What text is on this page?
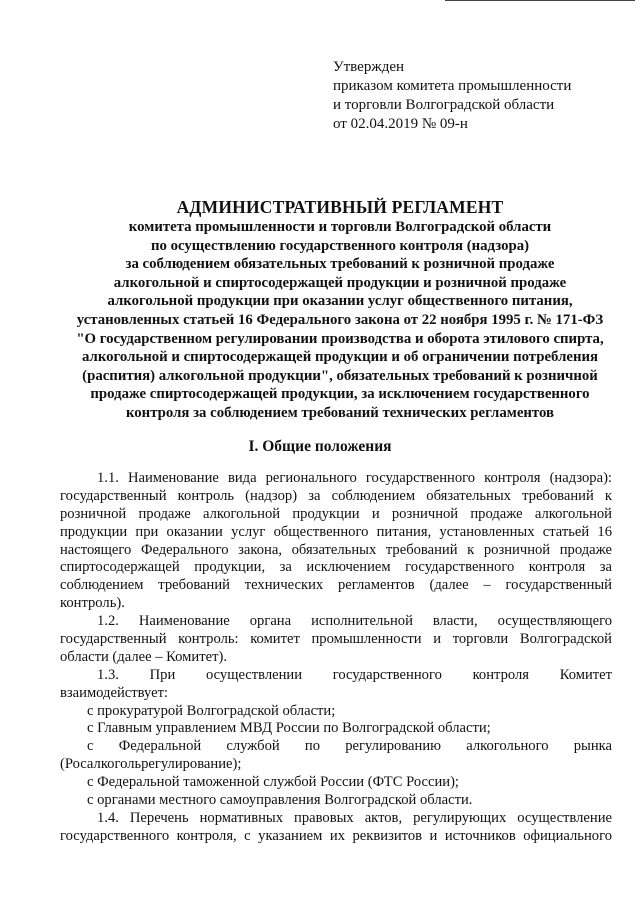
Утвержден
приказом комитета промышленности
и торговли Волгоградской области
от 02.04.2019 № 09-н
АДМИНИСТРАТИВНЫЙ РЕГЛАМЕНТ
комитета промышленности и торговли Волгоградской области
по осуществлению государственного контроля (надзора)
за соблюдением обязательных требований к розничной продаже
алкогольной и спиртосодержащей продукции и розничной продаже
алкогольной продукции при оказании услуг общественного питания,
установленных статьей 16 Федерального закона от 22 ноября 1995 г. № 171-ФЗ
"О государственном регулировании производства и оборота этилового спирта,
алкогольной и спиртосодержащей продукции и об ограничении потребления
(распития) алкогольной продукции", обязательных требований к розничной
продаже спиртосодержащей продукции, за исключением государственного
контроля за соблюдением требований технических регламентов
I. Общие положения
1.1. Наименование вида регионального государственного контроля (надзора):
государственный контроль (надзор) за соблюдением обязательных требований к
розничной продаже алкогольной продукции и розничной продаже алкогольной
продукции при оказании услуг общественного питания, установленных статьей 16
настоящего Федерального закона, обязательных требований к розничной продаже
спиртосодержащей продукции, за исключением государственного контроля за
соблюдением требований технических регламентов (далее – государственный
контроль).
1.2. Наименование органа исполнительной власти, осуществляющего
государственный контроль: комитет промышленности и торговли Волгоградской
области (далее – Комитет).
1.3. При осуществлении государственного контроля Комитет
взаимодействует:
с прокуратурой Волгоградской области;
с Главным управлением МВД России по Волгоградской области;
с Федеральной службой по регулированию алкогольного рынка
(Росалкогольрегулирование);
с Федеральной таможенной службой России (ФТС России);
с органами местного самоуправления Волгоградской области.
1.4. Перечень нормативных правовых актов, регулирующих осуществление
государственного контроля, с указанием их реквизитов и источников официального
